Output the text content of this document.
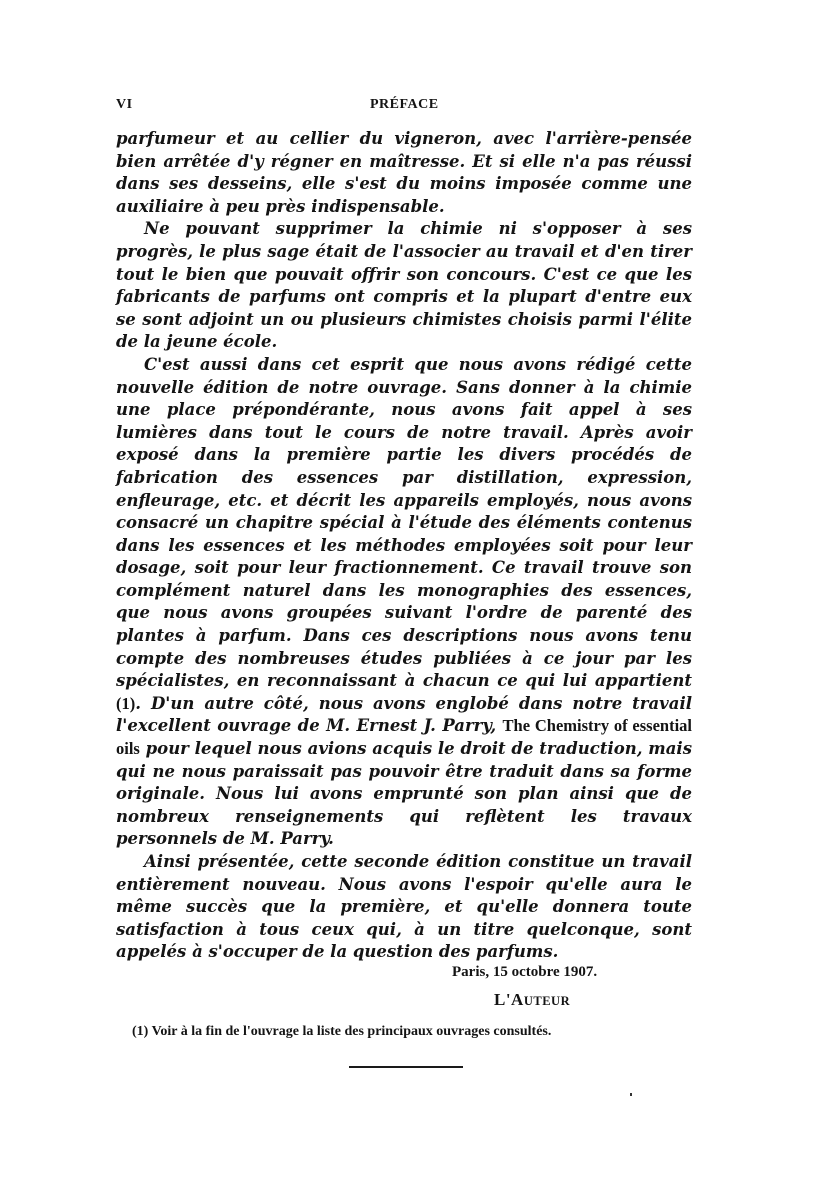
VI	PRÉFACE

parfumeur et au cellier du vigneron, avec l'arrière-pensée bien arrêtée d'y régner en maîtresse. Et si elle n'a pas réussi dans ses desseins, elle s'est du moins imposée comme une auxiliaire à peu près indispensable.

Ne pouvant supprimer la chimie ni s'opposer à ses progrès, le plus sage était de l'associer au travail et d'en tirer tout le bien que pouvait offrir son concours. C'est ce que les fabricants de parfums ont compris et la plupart d'entre eux se sont adjoint un ou plusieurs chimistes choisis parmi l'élite de la jeune école.

C'est aussi dans cet esprit que nous avons rédigé cette nouvelle édition de notre ouvrage. Sans donner à la chimie une place prépondérante, nous avons fait appel à ses lumières dans tout le cours de notre travail. Après avoir exposé dans la première partie les divers procédés de fabrication des essences par distillation, expression, enfleurage, etc. et décrit les appareils employés, nous avons consacré un chapitre spécial à l'étude des éléments contenus dans les essences et les méthodes employées soit pour leur dosage, soit pour leur fractionnement. Ce travail trouve son complément naturel dans les monographies des essences, que nous avons groupées suivant l'ordre de parenté des plantes à parfum. Dans ces descriptions nous avons tenu compte des nombreuses études publiées à ce jour par les spécialistes, en reconnaissant à chacun ce qui lui appartient (1). D'un autre côté, nous avons englobé dans notre travail l'excellent ouvrage de M. Ernest J. Parry, The Chemistry of essential oils pour lequel nous avions acquis le droit de traduction, mais qui ne nous paraissait pas pouvoir être traduit dans sa forme originale. Nous lui avons emprunté son plan ainsi que de nombreux renseignements qui reflètent les travaux personnels de M. Parry.

Ainsi présentée, cette seconde édition constitue un travail entièrement nouveau. Nous avons l'espoir qu'elle aura le même succès que la première, et qu'elle donnera toute satisfaction à tous ceux qui, à un titre quelconque, sont appelés à s'occuper de la question des parfums.

Paris, 15 octobre 1907.
L'AUTEUR
(1) Voir à la fin de l'ouvrage la liste des principaux ouvrages consultés.
